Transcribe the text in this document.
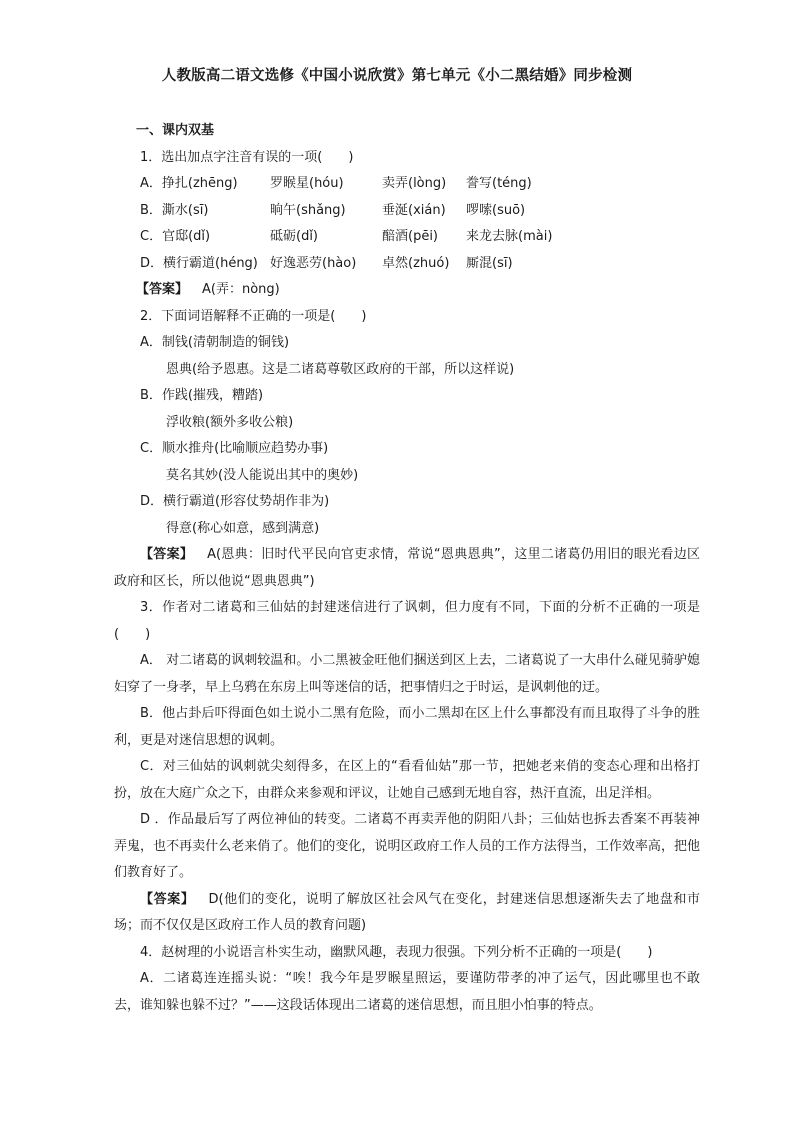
人教版高二语文选修《中国小说欣赏》第七单元《小二黑结婚》同步检测
一、课内双基
1．选出加点字注音有误的一项(　　)
A．挣扎(zhēng) 罗睺星(hóu)	卖弄(lòng) 誊写(téng)
B．澌水(sī)	晌午(shǎng)	垂涎(xián) 啰嗦(suō)
C．官邸(dǐ)	砥砺(dǐ)	醅酒(pēi) 来龙去脉(mài)
D．横行霸道(héng) 好逸恶劳(hào) 卓然(zhuó) 厮混(sī)
【答案】 A(弄：nòng)
2．下面词语解释不正确的一项是(　　)
A．制钱(清朝制造的铜钱)
恩典(给予恩惠。这是二诸葛尊敬区政府的干部，所以这样说)
B．作践(摧残，糟踏)
浮收粮(额外多收公粮)
C．顺水推舟(比喻顺应趋势办事)
莫名其妙(没人能说出其中的奥妙)
D．横行霸道(形容仗势胡作非为)
得意(称心如意，感到满意)
【答案】 A(恩典：旧时代平民向官吏求情，常说“恩典恩典”，这里二诸葛仍用旧的眼光看边区政府和区长，所以他说“恩典恩典”)
3．作者对二诸葛和三仙姑的封建迷信进行了讽刺，但力度有不同，下面的分析不正确的一项是(　　)
A． 对二诸葛的讽刺较温和。小二黑被金旺他们捆送到区上去，二诸葛说了一大串什么碰见骑驴媳妇穿了一身孝，早上乌鸦在东房上叫等迷信的话，把事情归之于时运，是讽刺他的迂。
B．他占卦后吓得面色如土说小二黑有危险，而小二黑却在区上什么事都没有而且取得了斗争的胜利，更是对迷信思想的讽刺。
C．对三仙姑的讽刺就尖刻得多，在区上的“看看仙姑”那一节，把她老来俏的变态心理和出格打扮，放在大庭广众之下，由群众来参观和评议，让她自己感到无地自容，热汗直流，出足洋相。
D ．作品最后写了两位神仙的转变。二诸葛不再卖弄他的阴阳八卦；三仙姑也拆去香案不再装神弄鬼，也不再卖什么老来俏了。他们的变化，说明区政府工作人员的工作方法得当，工作效率高，把他们教育好了。
【答案】 D(他们的变化，说明了解放区社会风气在变化，封建迷信思想逐渐失去了地盘和市场；而不仅仅是区政府工作人员的教育问题)
4．赵树理的小说语言朴实生动，幽默风趣，表现力很强。下列分析不正确的一项是(　　)
A．二诸葛连连摇头说：“唉！我今年是罗睺星照运，要谨防带孝的冲了运气，因此哪里也不敢去，谁知躲也躲不过？”——这段话体现出二诸葛的迷信思想，而且胆小怕事的特点。
